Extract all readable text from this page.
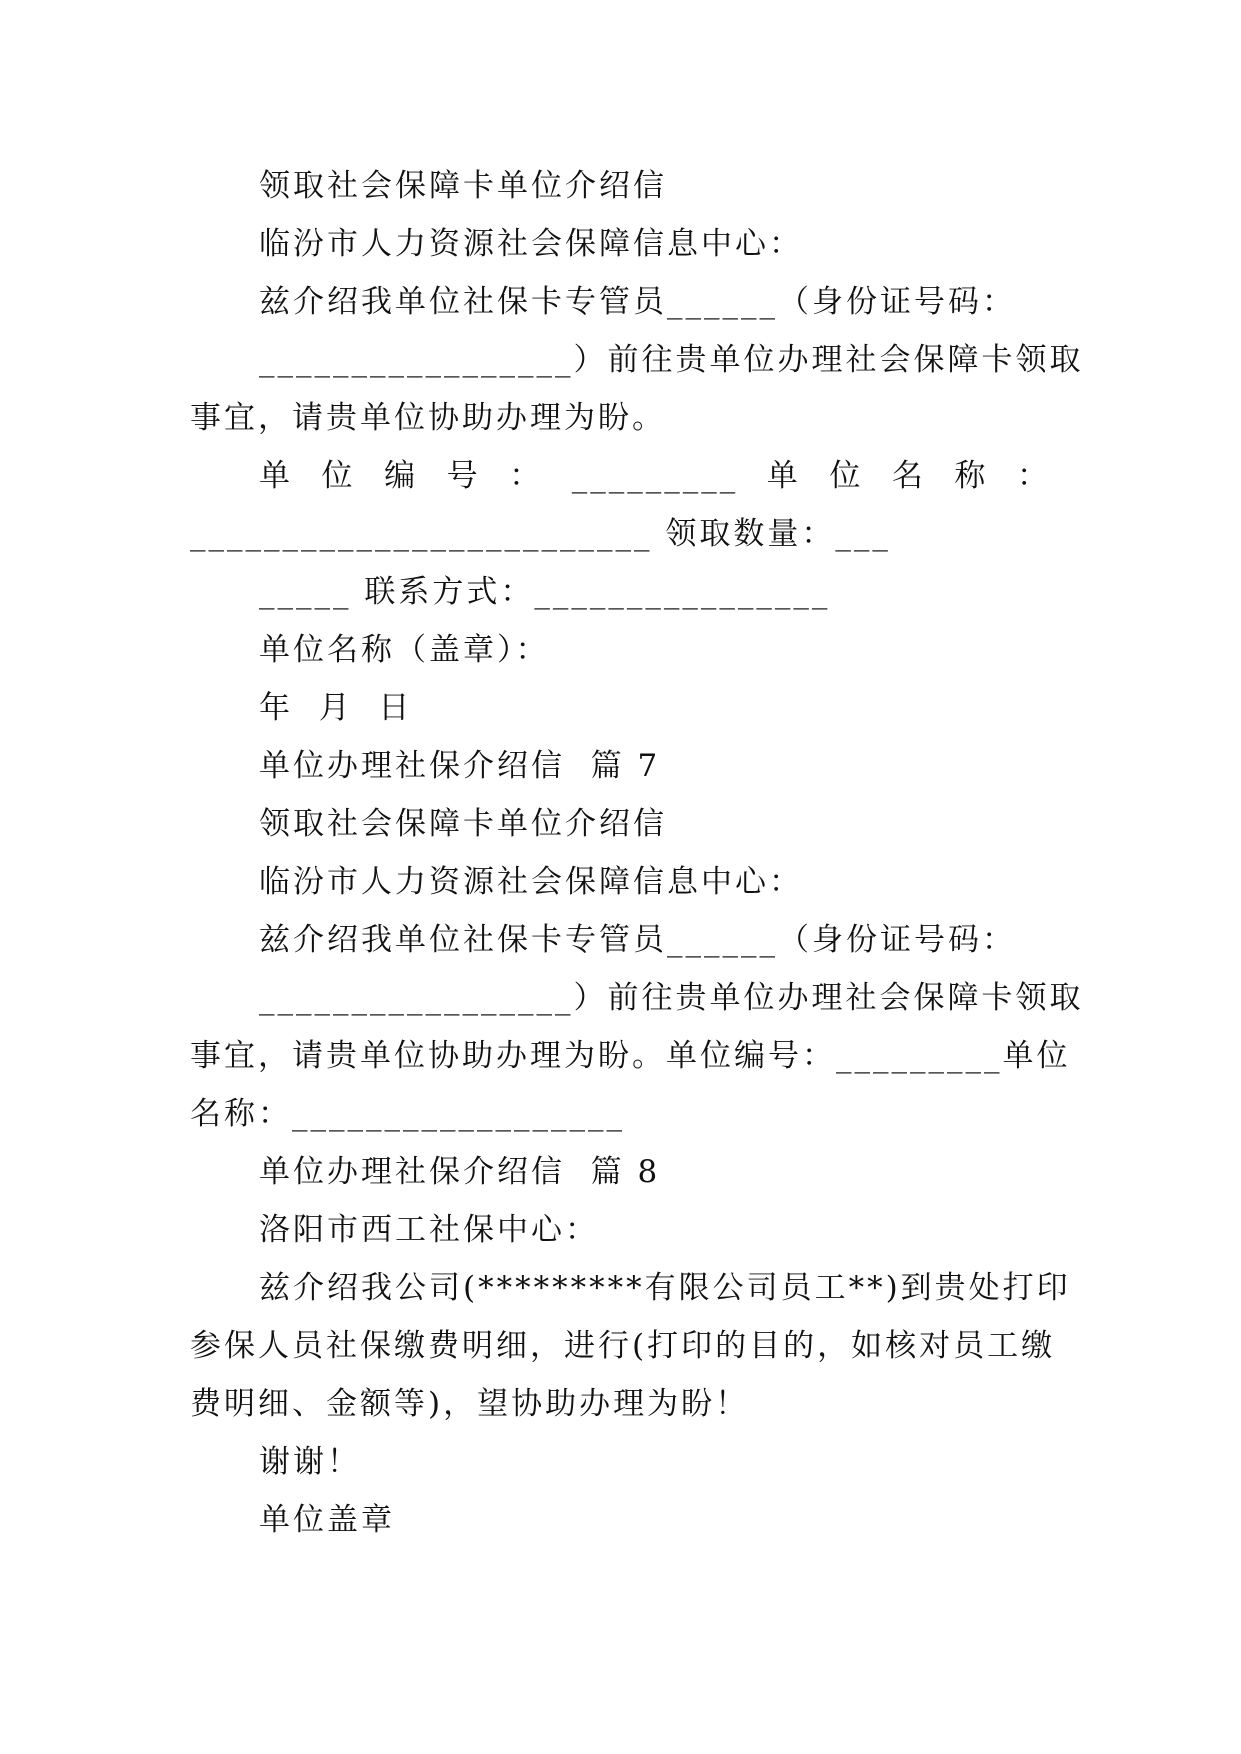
领取社会保障卡单位介绍信
临汾市人力资源社会保障信息中心：
兹介绍我单位社保卡专管员______（身份证号码：
_________________）前往贵单位办理社会保障卡领取
事宜，请贵单位协助办理为盼。
单 位 编 号 ： _________ 单 位 名 称 ：
_________________________ 领取数量：___
_____ 联系方式：________________
单位名称（盖章）：
年  月  日
单位办理社保介绍信  篇 7
领取社会保障卡单位介绍信
临汾市人力资源社会保障信息中心：
兹介绍我单位社保卡专管员______（身份证号码：
_________________）前往贵单位办理社会保障卡领取
事宜，请贵单位协助办理为盼。单位编号：_________单位
名称：__________________
单位办理社保介绍信  篇 8
洛阳市西工社保中心：
兹介绍我公司(*********有限公司员工**)到贵处打印
参保人员社保缴费明细，进行(打印的目的，如核对员工缴
费明细、金额等)，望协助办理为盼！
谢谢！
单位盖章
